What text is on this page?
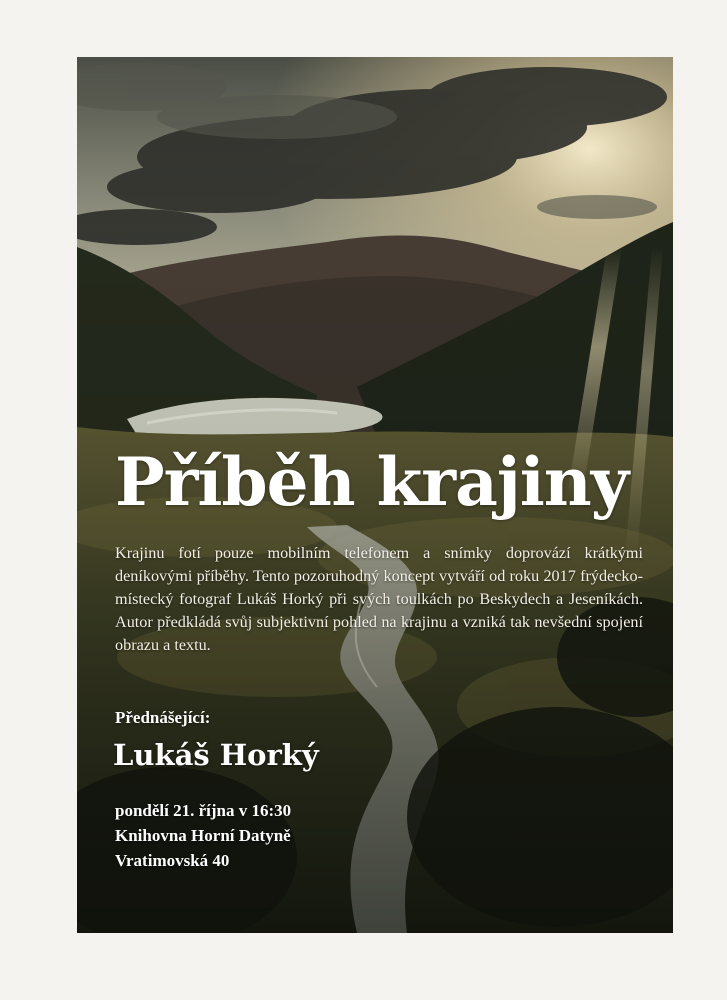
Příběh krajiny

Krajinu fotí pouze mobilním telefonem a snímky doprovází krátkými deníkovými příběhy. Tento pozoruhodný koncept vytváří od roku 2017 frýdecko-místecký fotograf Lukáš Horký při svých toulkách po Beskydech a Jeseníkách. Autor předkládá svůj subjektivní pohled na krajinu a vzniká tak nevšední spojení obrazu a textu.

Přednášející:
Lukáš Horký
pondělí 21. října v 16:30
Knihovna Horní Datyně
Vratimovská 40
